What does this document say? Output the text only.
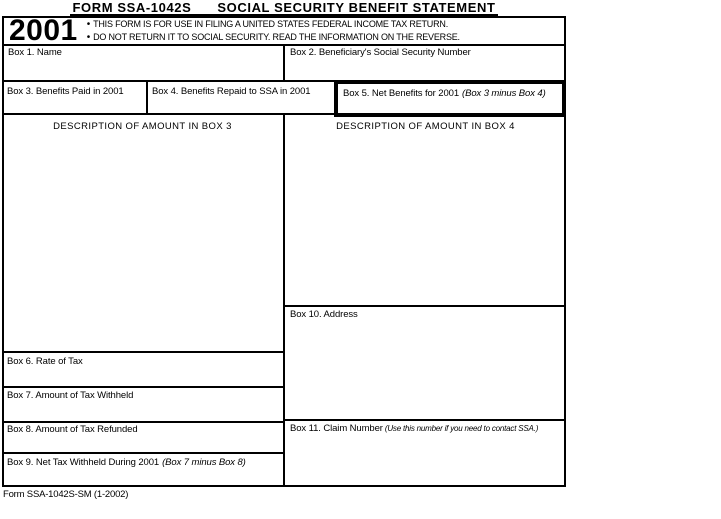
FORM SSA-1042S SOCIAL SECURITY BENEFIT STATEMENT
2001 • THIS FORM IS FOR USE IN FILING A UNITED STATES FEDERAL INCOME TAX RETURN.
• DO NOT RETURN IT TO SOCIAL SECURITY. READ THE INFORMATION ON THE REVERSE.
Box 1. Name	Box 2. Beneficiary's Social Security Number
Box 3. Benefits Paid in 2001	Box 4. Benefits Repaid to SSA in 2001	Box 5. Net Benefits for 2001 (Box 3 minus Box 4)
DESCRIPTION OF AMOUNT IN BOX 3	DESCRIPTION OF AMOUNT IN BOX 4
Box 10. Address
Box 6. Rate of Tax
Box 7. Amount of Tax Withheld
Box 8. Amount of Tax Refunded
Box 9. Net Tax Withheld During 2001 (Box 7 minus Box 8)
Box 11. Claim Number (Use this number if you need to contact SSA.)
Form SSA-1042S-SM (1-2002)
